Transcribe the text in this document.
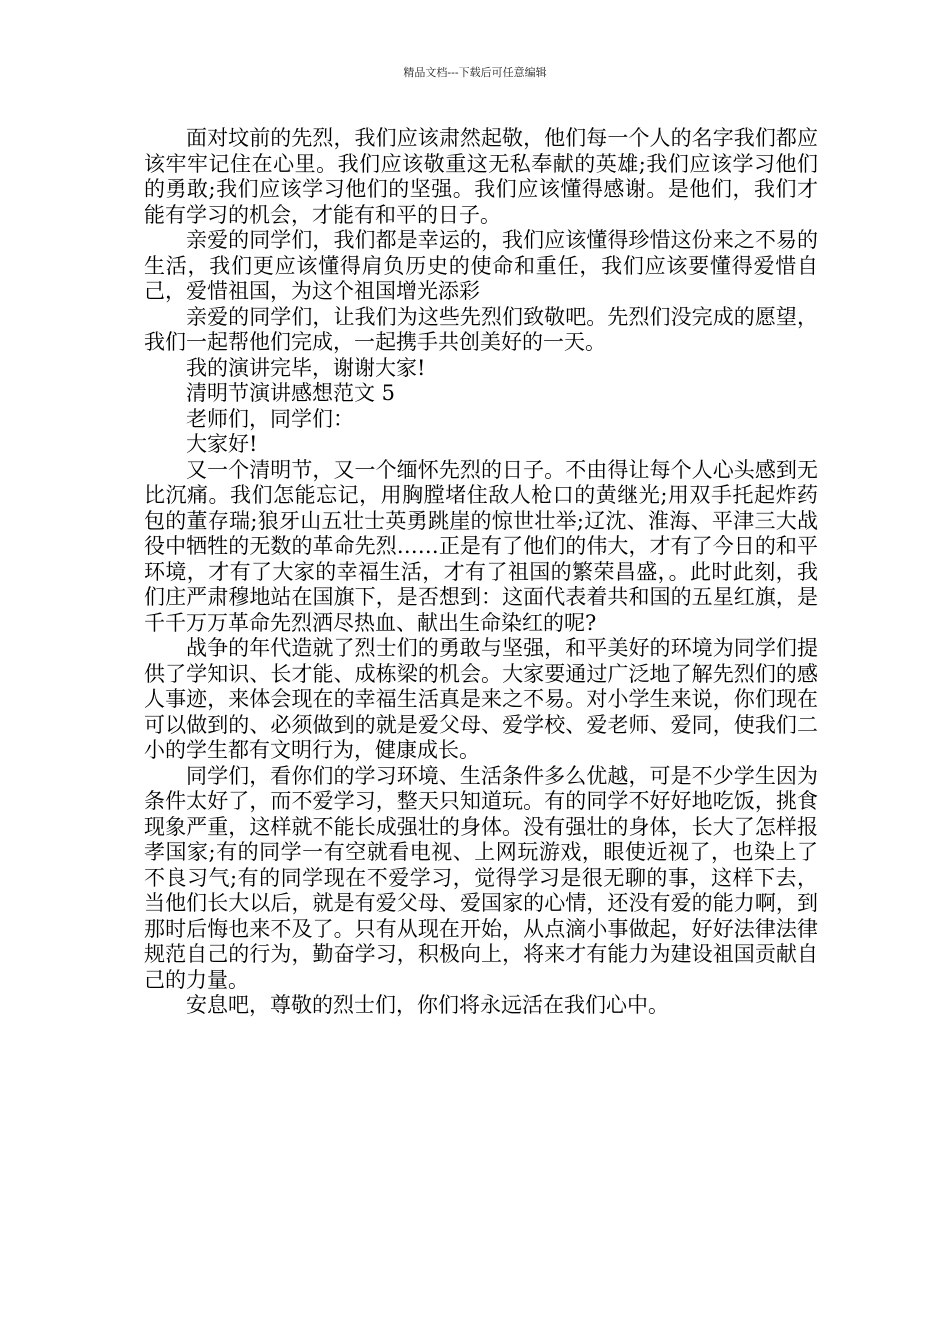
精品文档---下载后可任意编辑

面对坟前的先烈，我们应该肃然起敬，他们每一个人的名字我们都应该牢牢记住在心里。我们应该敬重这无私奉献的英雄;我们应该学习他们的勇敢;我们应该学习他们的坚强。我们应该懂得感谢。是他们，我们才能有学习的机会，才能有和平的日子。

亲爱的同学们，我们都是幸运的，我们应该懂得珍惜这份来之不易的生活，我们更应该懂得肩负历史的使命和重任，我们应该要懂得爱惜自己，爱惜祖国，为这个祖国增光添彩

亲爱的同学们，让我们为这些先烈们致敬吧。先烈们没完成的愿望，我们一起帮他们完成，一起携手共创美好的一天。

我的演讲完毕，谢谢大家!

清明节演讲感想范文 5

老师们，同学们：

大家好!

又一个清明节，又一个缅怀先烈的日子。不由得让每个人心头感到无比沉痛。我们怎能忘记，用胸膛堵住敌人枪口的黄继光;用双手托起炸药包的董存瑞;狼牙山五壮士英勇跳崖的惊世壮举;辽沈、淮海、平津三大战役中牺牲的无数的革命先烈……正是有了他们的伟大，才有了今日的和平环境，才有了大家的幸福生活，才有了祖国的繁荣昌盛，。此时此刻，我们庄严肃穆地站在国旗下，是否想到：这面代表着共和国的五星红旗，是千千万万革命先烈洒尽热血、献出生命染红的呢?

战争的年代造就了烈士们的勇敢与坚强，和平美好的环境为同学们提供了学知识、长才能、成栋梁的机会。大家要通过广泛地了解先烈们的感人事迹，来体会现在的幸福生活真是来之不易。对小学生来说，你们现在可以做到的、必须做到的就是爱父母、爱学校、爱老师、爱同，使我们二小的学生都有文明行为，健康成长。

同学们，看你们的学习环境、生活条件多么优越，可是不少学生因为条件太好了，而不爱学习，整天只知道玩。有的同学不好好地吃饭，挑食现象严重，这样就不能长成强壮的身体。没有强壮的身体，长大了怎样报孝国家;有的同学一有空就看电视、上网玩游戏，眼使近视了，也染上了不良习气;有的同学现在不爱学习，觉得学习是很无聊的事，这样下去，当他们长大以后，就是有爱父母、爱国家的心情，还没有爱的能力啊，到那时后悔也来不及了。只有从现在开始，从点滴小事做起，好好法律法律规范自己的行为，勤奋学习，积极向上，将来才有能力为建设祖国贡献自己的力量。

安息吧，尊敬的烈士们，你们将永远活在我们心中。
